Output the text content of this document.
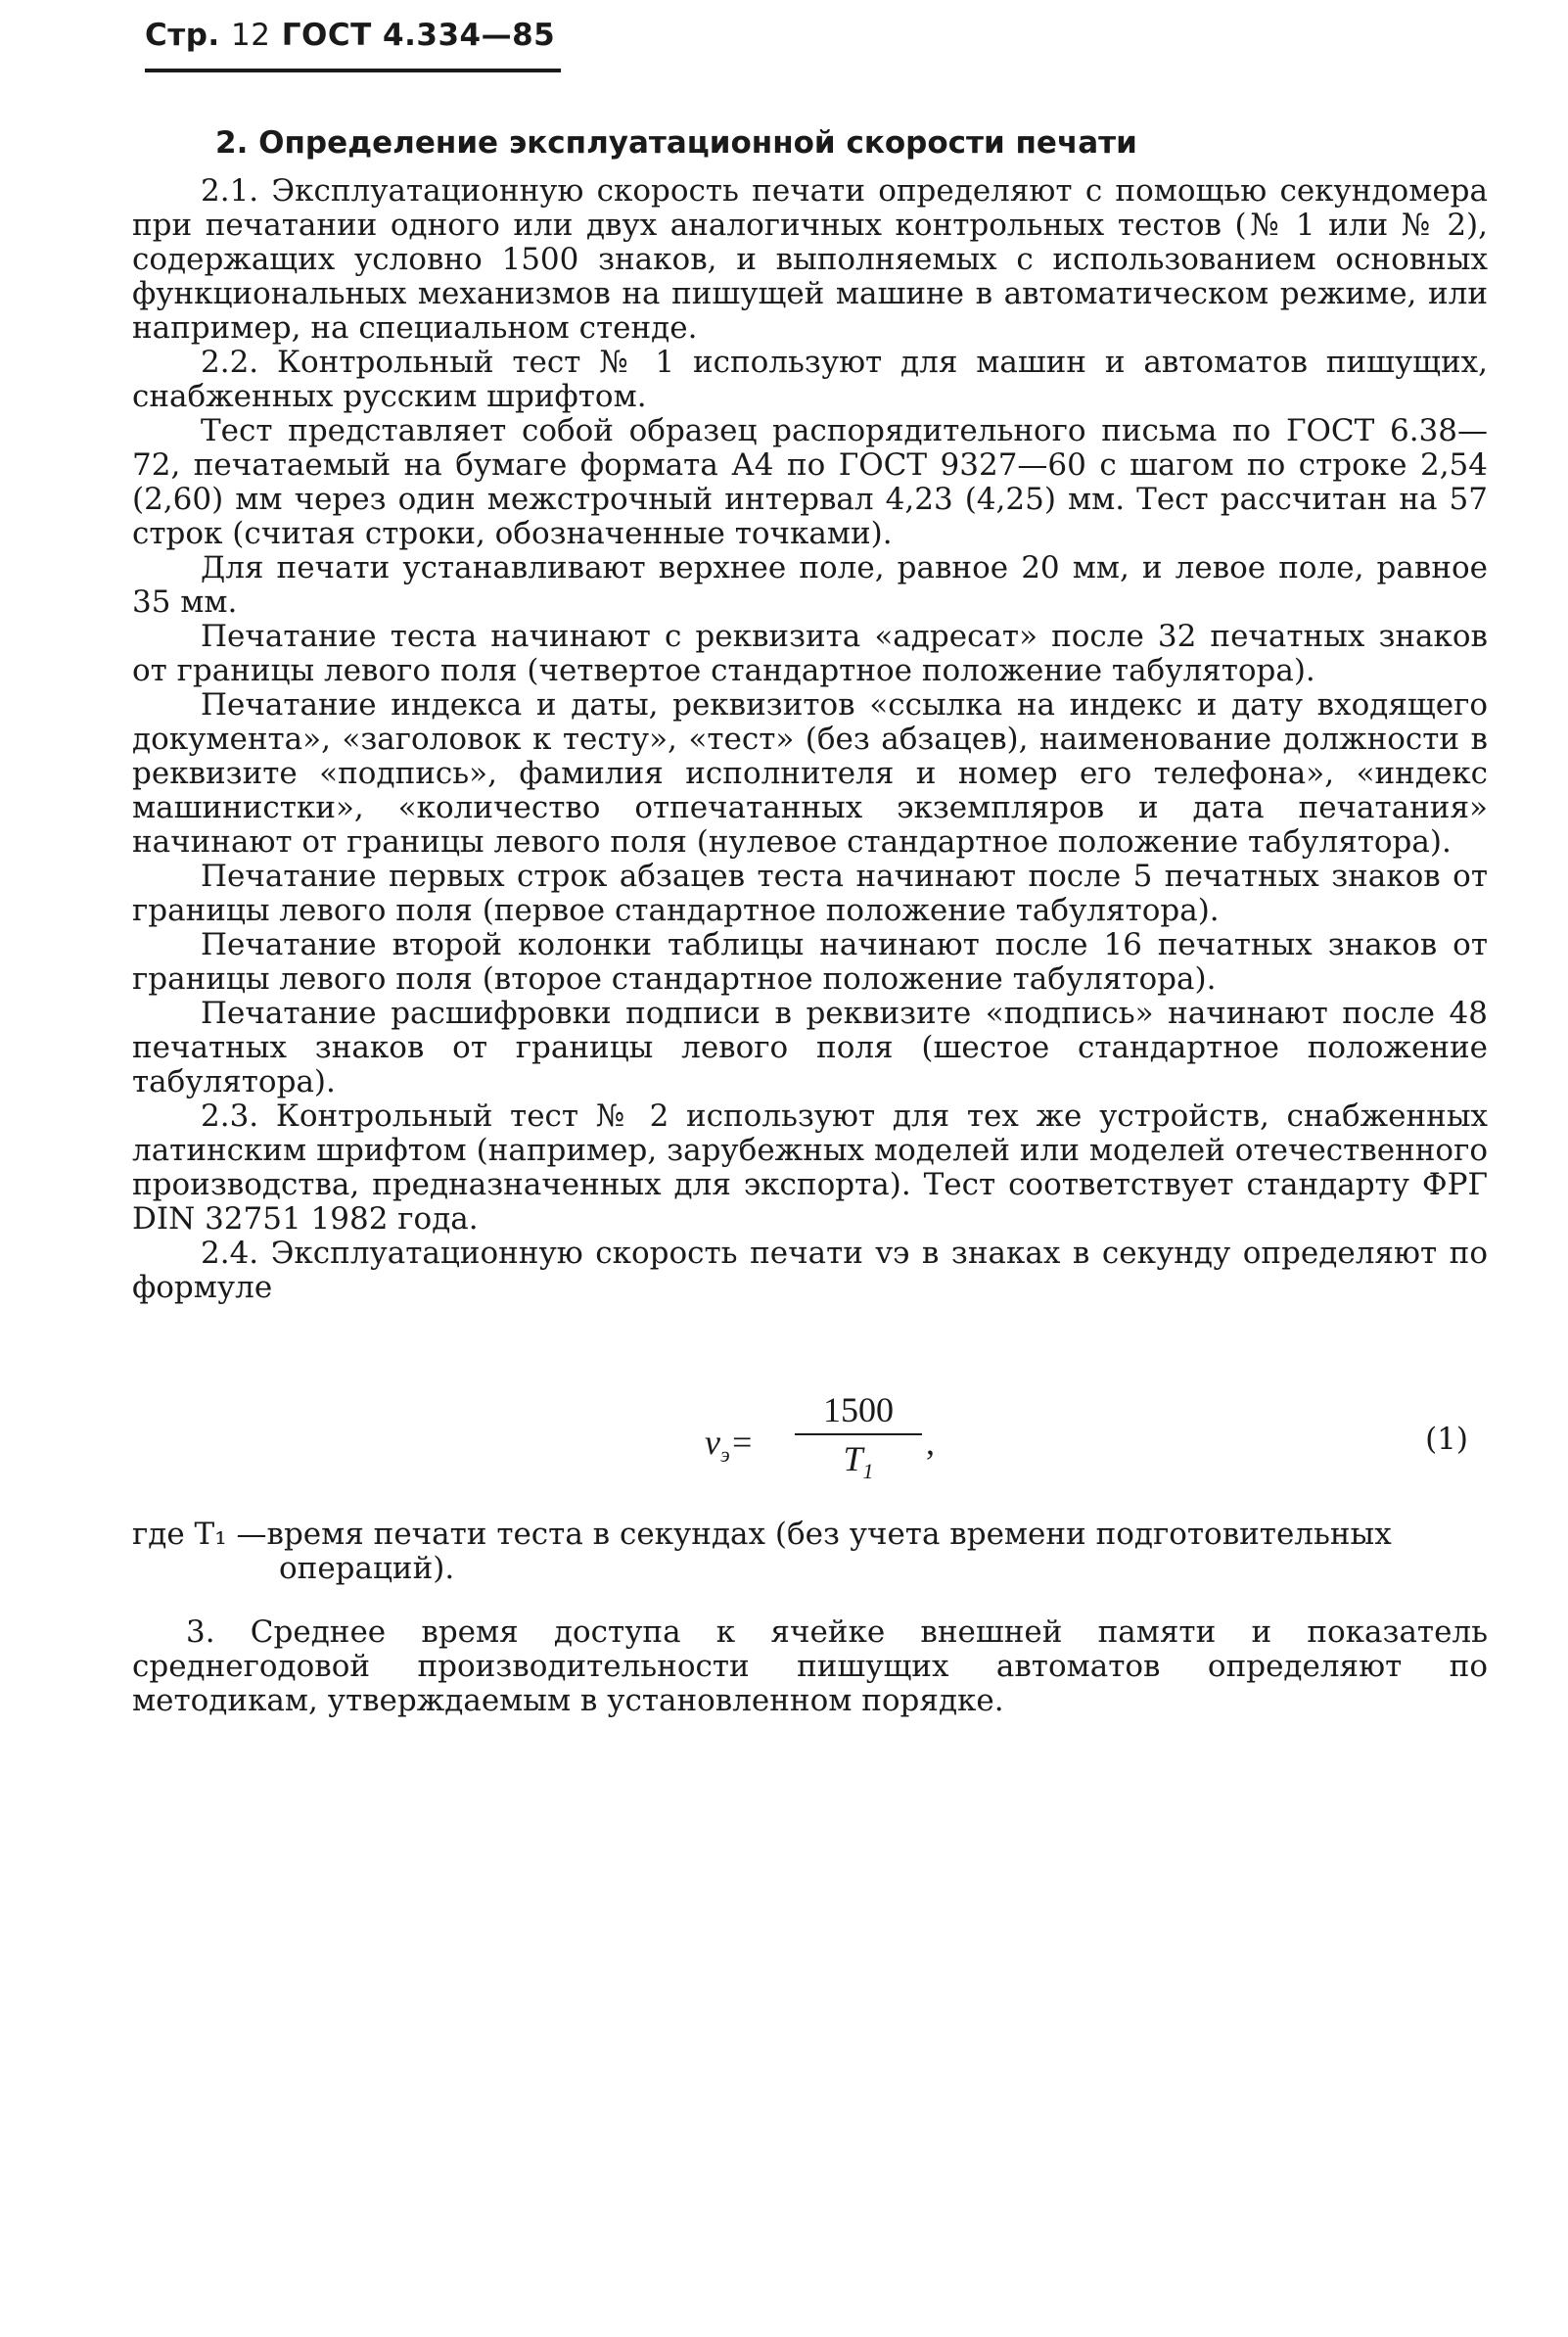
Стр. 12 ГОСТ 4.334—85
2. Определение эксплуатационной скорости печати

2.1. Эксплуатационную скорость печати определяют с помощью секундомера при печатании одного или двух аналогичных контрольных тестов (№ 1 или № 2), содержащих условно 1500 знаков, и выполняемых с использованием основных функциональных механизмов на пишущей машине в автоматическом режиме, или например, на специальном стенде.

2.2. Контрольный тест № 1 используют для машин и автоматов пишущих, снабженных русским шрифтом.

Тест представляет собой образец распорядительного письма по ГОСТ 6.38—72, печатаемый на бумаге формата А4 по ГОСТ 9327—60 с шагом по строке 2,54 (2,60) мм через один межстрочный интервал 4,23 (4,25) мм. Тест рассчитан на 57 строк (считая строки, обозначенные точками).

Для печати устанавливают верхнее поле, равное 20 мм, и левое поле, равное 35 мм.

Печатание теста начинают с реквизита «адресат» после 32 печатных знаков от границы левого поля (четвертое стандартное положение табулятора).

Печатание индекса и даты, реквизитов «ссылка на индекс и дату входящего документа», «заголовок к тесту», «тест» (без абзацев), наименование должности в реквизите «подпись», фамилия исполнителя и номер его телефона», «индекс машинистки», «количество отпечатанных экземпляров и дата печатания» начинают от границы левого поля (нулевое стандартное положение табулятора).

Печатание первых строк абзацев теста начинают после 5 печатных знаков от границы левого поля (первое стандартное положение табулятора).

Печатание второй колонки таблицы начинают после 16 печатных знаков от границы левого поля (второе стандартное положение табулятора).

Печатание расшифровки подписи в реквизите «подпись» начинают после 48 печатных знаков от границы левого поля (шестое стандартное положение табулятора).

2.3. Контрольный тест № 2 используют для тех же устройств, снабженных латинским шрифтом (например, зарубежных моделей или моделей отечественного производства, предназначенных для экспорта). Тест соответствует стандарту ФРГ DIN 32751 1982 года.

2.4. Эксплуатационную скорость печати vэ в знаках в секунду определяют по формуле

$v_э=$
1500
$T_1$
,	(1)
где T₁ — время печати теста в секундах (без учета времени подготовительных
операций).
3. Среднее время доступа к ячейке внешней памяти и показатель среднегодовой производительности пишущих автоматов определяют по методикам, утверждаемым в установленном порядке.
